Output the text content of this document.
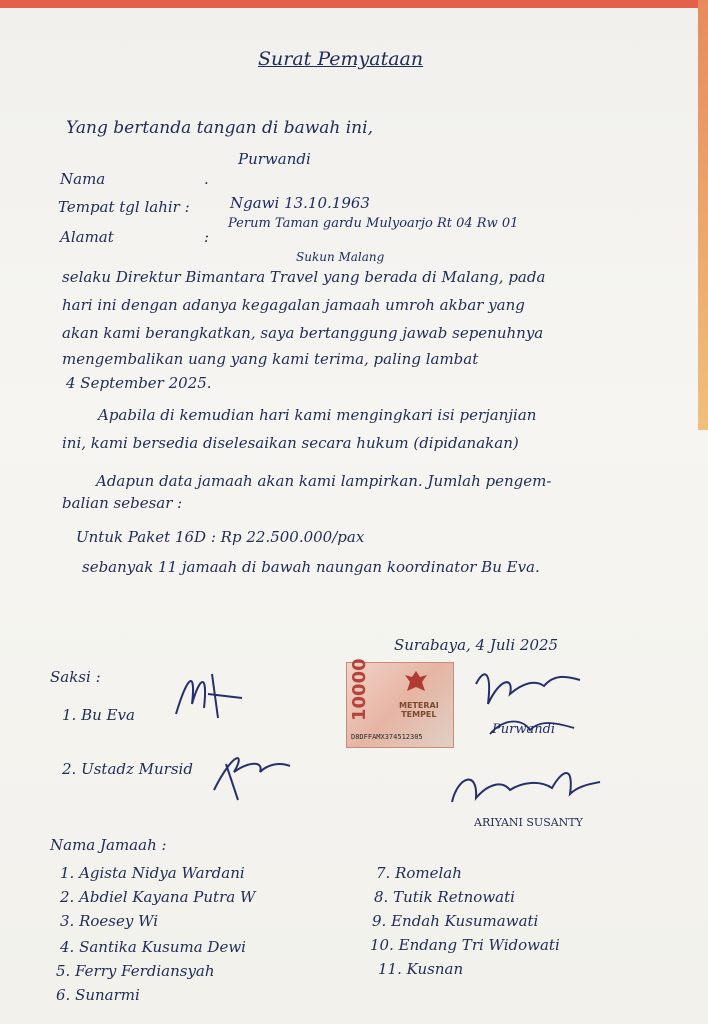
Surat Pemyataan
Yang bertanda tangan di bawah ini,
Nama	.
Purwandi
Tempat tgl lahir :	Ngawi 13.10.1963
Alamat	:
Perum Taman gardu Mulyoarjo Rt 04 Rw 01
Sukun Malang
selaku Direktur Bimantara Travel yang berada di Malang, pada
hari ini dengan adanya kegagalan jamaah umroh akbar yang
akan kami berangkatkan, saya bertanggung jawab sepenuhnya
mengembalikan uang yang kami terima, paling lambat
4 September 2025.
Apabila di kemudian hari kami mengingkari isi perjanjian
ini, kami bersedia diselesaikan secara hukum (dipidanakan)
Adapun data jamaah akan kami lampirkan. Jumlah pengem-
balian sebesar :
Untuk Paket 16D : Rp 22.500.000/pax
sebanyak 11 jamaah di bawah naungan koordinator Bu Eva.
Surabaya, 4 Juli 2025
Saksi :
1. Bu Eva
2. Ustadz Mursid
10000	METERAI
TEMPEL
D8DFFAMX374512305	Purwandi
ARIYANI SUSANTY
Nama Jamaah :
1. Agista Nidya Wardani
2. Abdiel Kayana Putra W
3. Roesey Wi
4. Santika Kusuma Dewi
5. Ferry Ferdiansyah
6. Sunarmi
7. Romelah
8. Tutik Retnowati
9. Endah Kusumawati
10. Endang Tri Widowati
11. Kusnan
